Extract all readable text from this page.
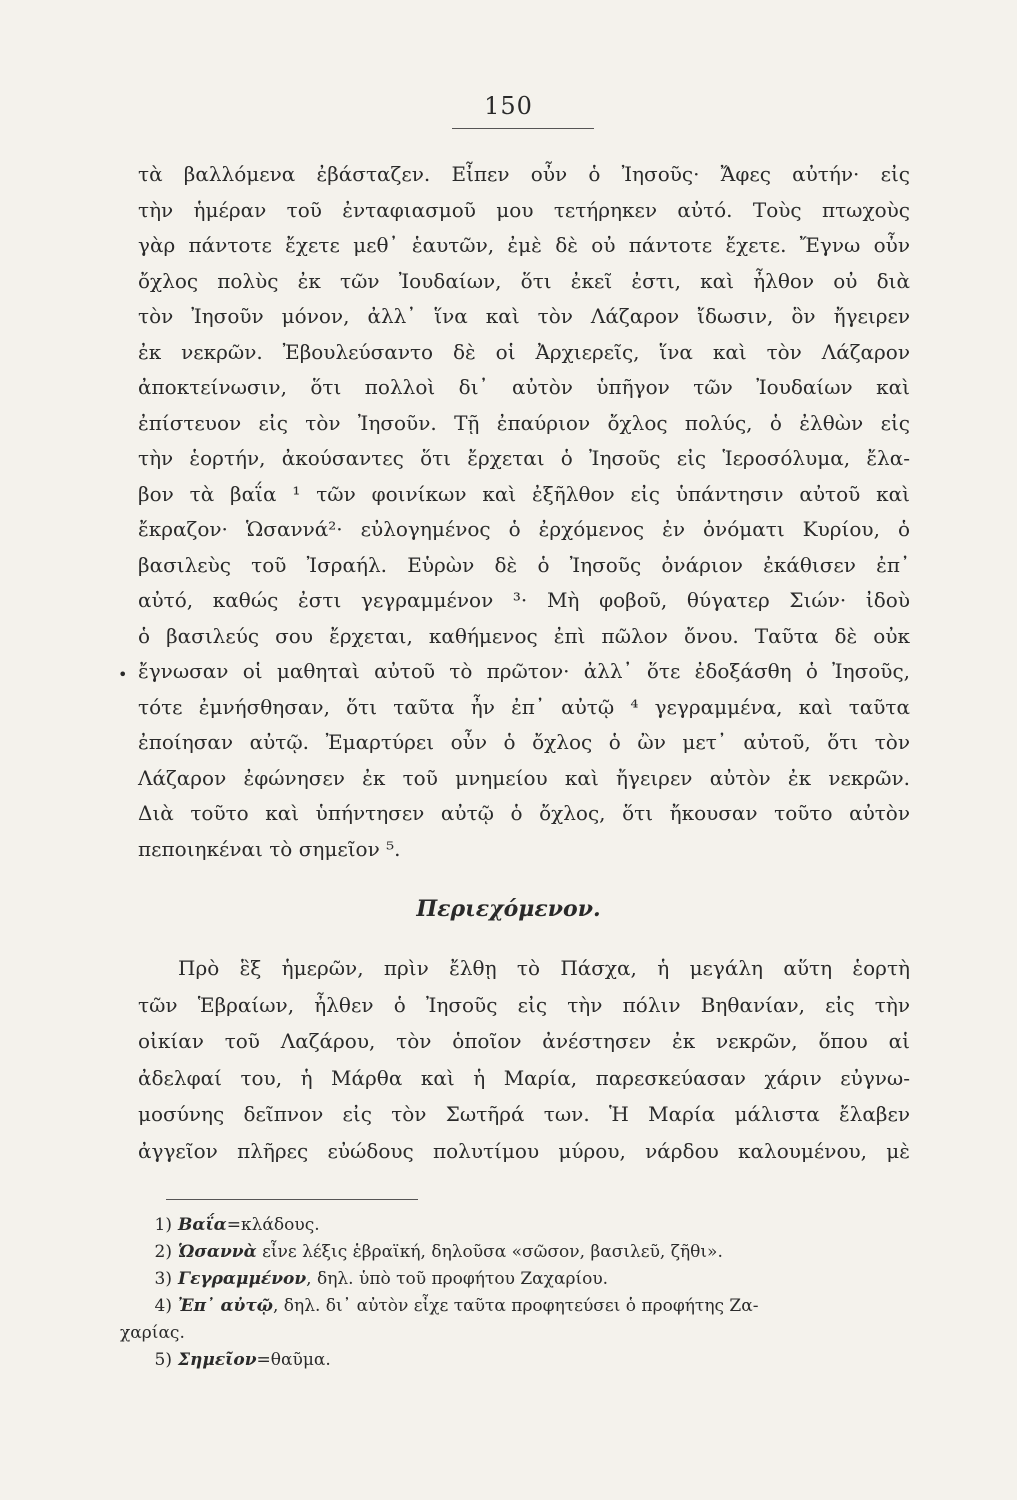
150
τὰ βαλλόμενα ἐβάσταζεν. Εἶπεν οὖν ὁ Ἰησοῦς· Ἄφες αὐτήν· εἰς
τὴν ἡμέραν τοῦ ἐνταφιασμοῦ μου τετήρηκεν αὐτό. Τοὺς πτωχοὺς
γὰρ πάντοτε ἔχετε μεθ᾿ ἑαυτῶν, ἐμὲ δὲ οὐ πάντοτε ἔχετε. Ἔγνω οὖν
ὄχλος πολὺς ἐκ τῶν Ἰουδαίων, ὅτι ἐκεῖ ἐστι, καὶ ἦλθον οὐ διὰ
τὸν Ἰησοῦν μόνον, ἀλλ᾿ ἵνα καὶ τὸν Λάζαρον ἴδωσιν, ὃν ἤγειρεν
ἐκ νεκρῶν. Ἐβουλεύσαντο δὲ οἱ Ἀρχιερεῖς, ἵνα καὶ τὸν Λάζαρον
ἀποκτείνωσιν, ὅτι πολλοὶ δι᾿ αὐτὸν ὑπῆγον τῶν Ἰουδαίων καὶ
ἐπίστευον εἰς τὸν Ἰησοῦν. Τῇ ἐπαύριον ὄχλος πολύς, ὁ ἐλθὼν εἰς
τὴν ἑορτήν, ἀκούσαντες ὅτι ἔρχεται ὁ Ἰησοῦς εἰς Ἱεροσόλυμα, ἔλα-
βον τὰ βαΐα ¹ τῶν φοινίκων καὶ ἐξῆλθον εἰς ὑπάντησιν αὐτοῦ καὶ
ἔκραζον· Ὡσαννά²· εὐλογημένος ὁ ἐρχόμενος ἐν ὀνόματι Κυρίου, ὁ
βασιλεὺς τοῦ Ἰσραήλ. Εὑρὼν δὲ ὁ Ἰησοῦς ὀνάριον ἐκάθισεν ἐπ᾿
αὐτό, καθώς ἐστι γεγραμμένον ³· Μὴ φοβοῦ, θύγατερ Σιών· ἰδοὺ
ὁ βασιλεύς σου ἔρχεται, καθήμενος ἐπὶ πῶλον ὄνου. Ταῦτα δὲ οὐκ
ἔγνωσαν οἱ μαθηταὶ αὐτοῦ τὸ πρῶτον· ἀλλ᾿ ὅτε ἐδοξάσθη ὁ Ἰησοῦς,
τότε ἐμνήσθησαν, ὅτι ταῦτα ἦν ἐπ᾿ αὐτῷ ⁴ γεγραμμένα, καὶ ταῦτα
ἐποίησαν αὐτῷ. Ἐμαρτύρει οὖν ὁ ὄχλος ὁ ὢν μετ᾿ αὐτοῦ, ὅτι τὸν
Λάζαρον ἐφώνησεν ἐκ τοῦ μνημείου καὶ ἤγειρεν αὐτὸν ἐκ νεκρῶν.
Διὰ τοῦτο καὶ ὑπήντησεν αὐτῷ ὁ ὄχλος, ὅτι ἤκουσαν τοῦτο αὐτὸν
πεποιηκέναι τὸ σημεῖον ⁵.
•
Περιεχόμενον.
Πρὸ ἓξ ἡμερῶν, πρὶν ἔλθῃ τὸ Πάσχα, ἡ μεγάλη αὕτη ἑορτὴ
τῶν Ἑβραίων, ἦλθεν ὁ Ἰησοῦς εἰς τὴν πόλιν Βηθανίαν, εἰς τὴν
οἰκίαν τοῦ Λαζάρου, τὸν ὁποῖον ἀνέστησεν ἐκ νεκρῶν, ὅπου αἱ
ἀδελφαί του, ἡ Μάρθα καὶ ἡ Μαρία, παρεσκεύασαν χάριν εὐγνω-
μοσύνης δεῖπνον εἰς τὸν Σωτῆρά των. Ἡ Μαρία μάλιστα ἔλαβεν
ἀγγεῖον πλῆρες εὐώδους πολυτίμου μύρου, νάρδου καλουμένου, μὲ
1) Βαΐα=κλάδους.
2) Ὡσαννὰ εἶνε λέξις ἑβραϊκή, δηλοῦσα «σῶσον, βασιλεῦ, ζῆθι».
3) Γεγραμμένον, δηλ. ὑπὸ τοῦ προφήτου Ζαχαρίου.
4) Ἐπ᾿ αὐτῷ, δηλ. δι᾿ αὐτὸν εἶχε ταῦτα προφητεύσει ὁ προφήτης Ζα-
χαρίας.
5) Σημεῖον=θαῦμα.
